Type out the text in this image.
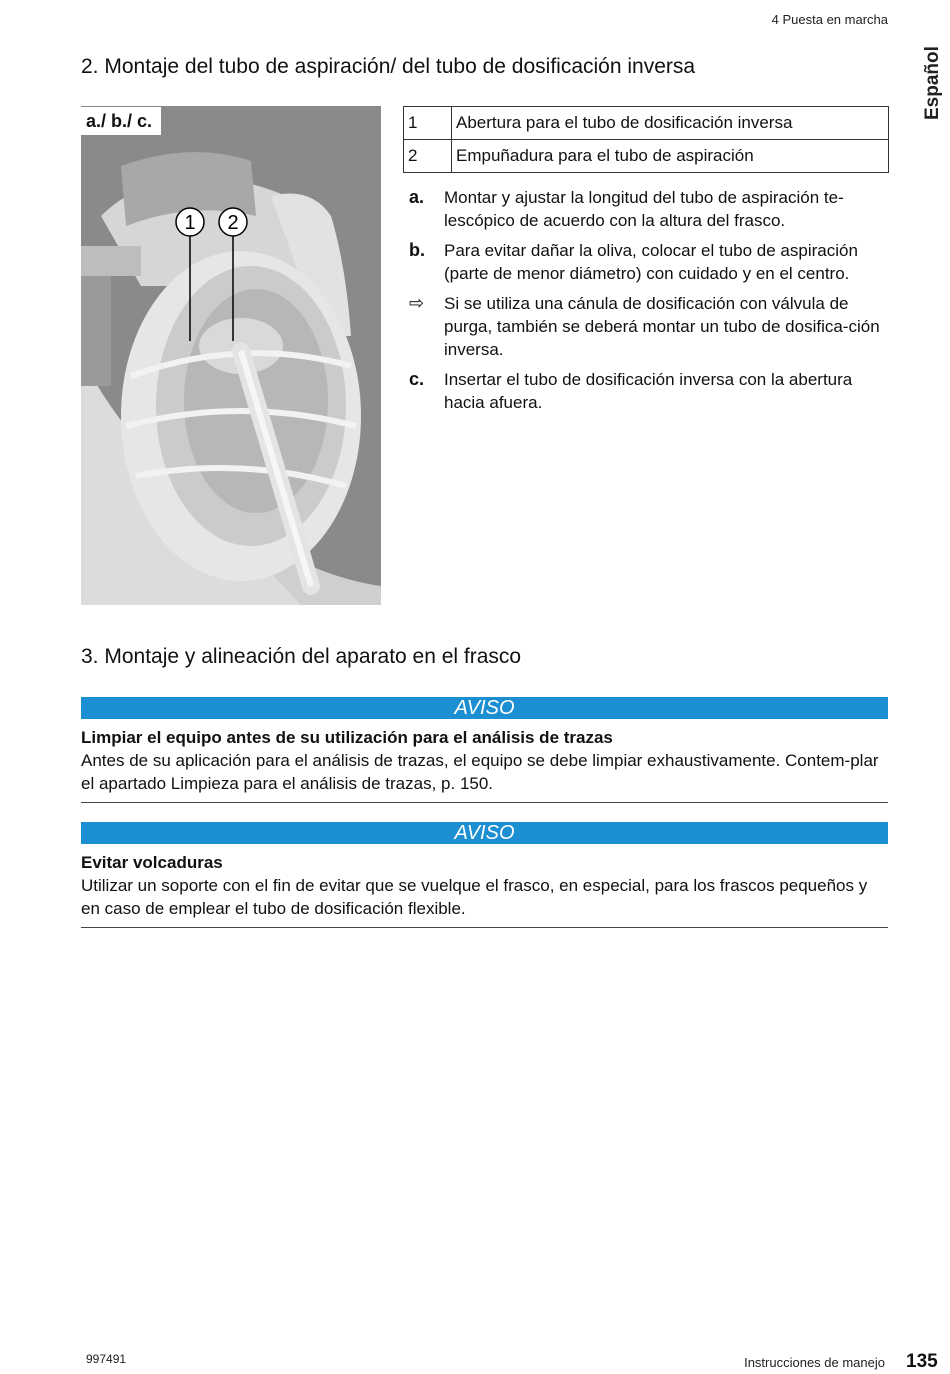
4 Puesta en marcha
Español
2. Montaje del tubo de aspiración/ del tubo de dosificación inversa
1 2
a./ b./ c.	1	Abertura para el tubo de dosificación inversa
2	Empuñadura para el tubo de aspiración
a.	Montar y ajustar la longitud del tubo de aspiración te-lescópico de acuerdo con la altura del frasco.
b.	Para evitar dañar la oliva, colocar el tubo de aspiración (parte de menor diámetro) con cuidado y en el centro.
⇨	Si se utiliza una cánula de dosificación con válvula de purga, también se deberá montar un tubo de dosifica-ción inversa.
c.	Insertar el tubo de dosificación inversa con la abertura hacia afuera.
3. Montaje y alineación del aparato en el frasco
AVISO
Limpiar el equipo antes de su utilización para el análisis de trazas
Antes de su aplicación para el análisis de trazas, el equipo se debe limpiar exhaustivamente. Contem-plar el apartado Limpieza para el análisis de trazas, p. 150.
AVISO
Evitar volcaduras
Utilizar un soporte con el fin de evitar que se vuelque el frasco, en especial, para los frascos pequeños y en caso de emplear el tubo de dosificación flexible.
997491	Instrucciones de manejo 135
